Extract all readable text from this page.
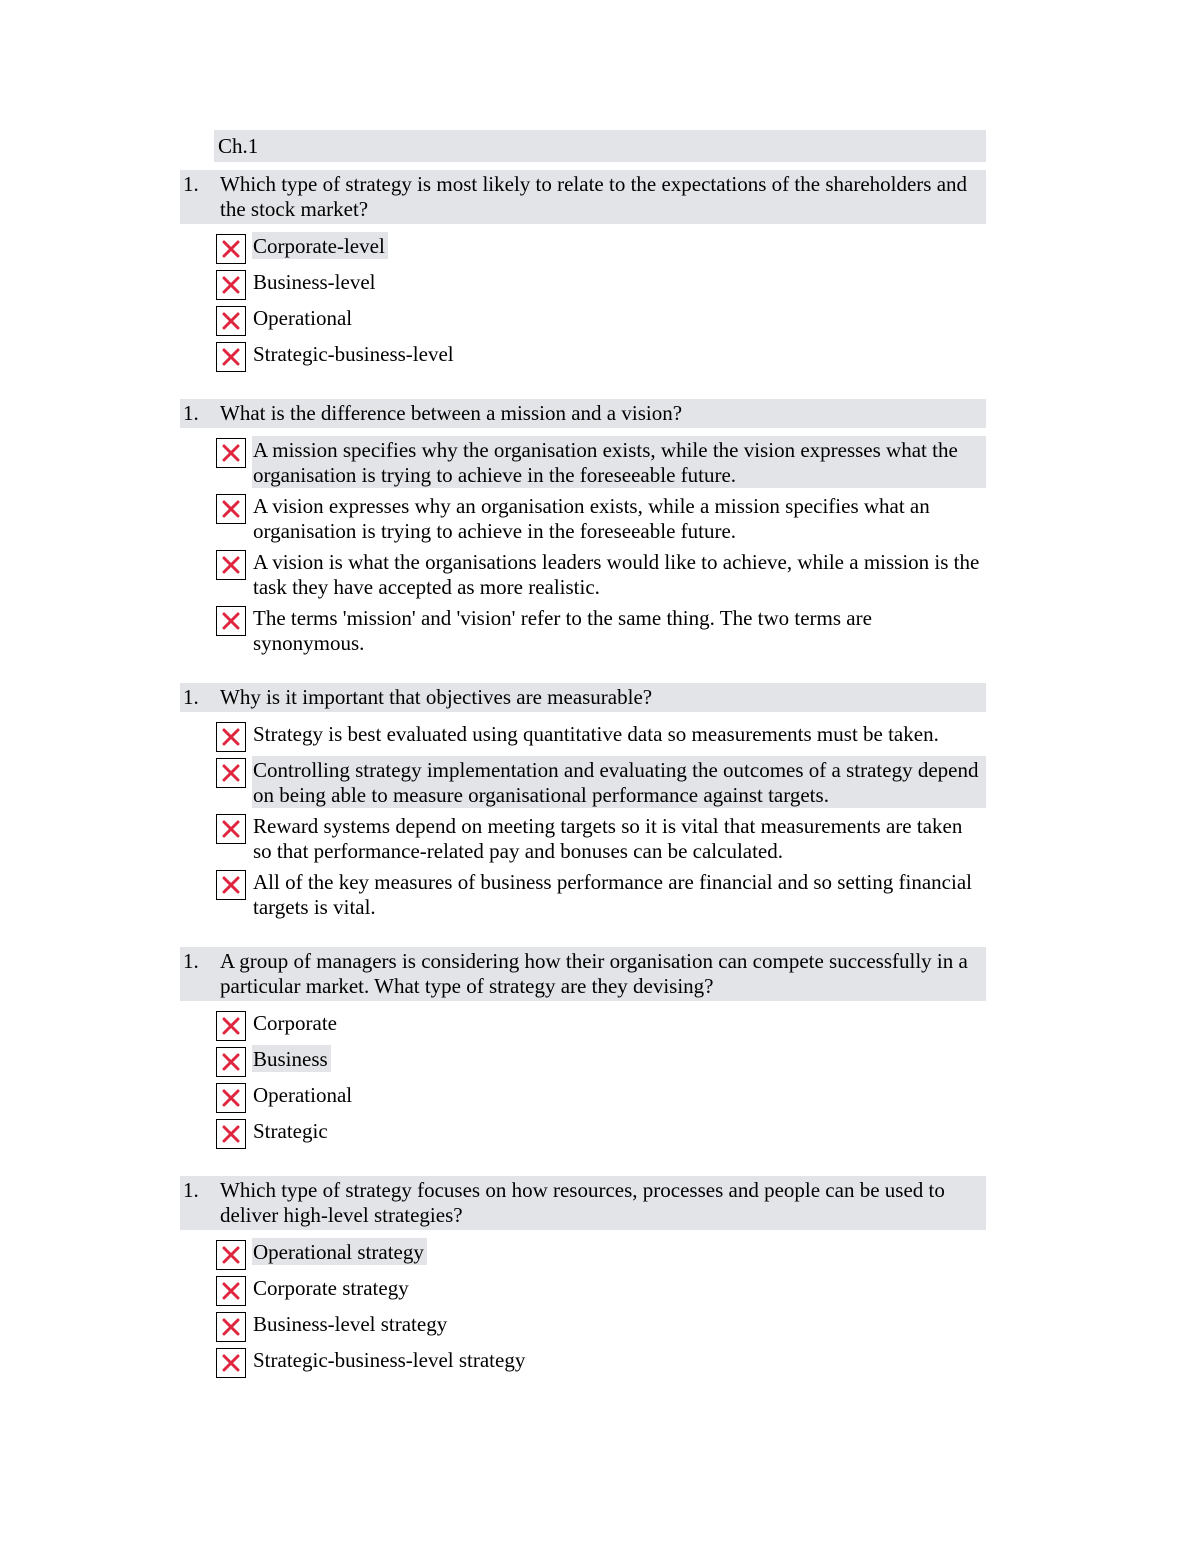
Ch.1
1.	Which type of strategy is most likely to relate to the expectations of the shareholders and the stock market?
Corporate-level
Business-level
Operational
Strategic-business-level
1.	What is the difference between a mission and a vision?
A mission specifies why the organisation exists, while the vision expresses what the organisation is trying to achieve in the foreseeable future.
A vision expresses why an organisation exists, while a mission specifies what an organisation is trying to achieve in the foreseeable future.
A vision is what the organisations leaders would like to achieve, while a mission is the task they have accepted as more realistic.
The terms 'mission' and 'vision' refer to the same thing. The two terms are synonymous.
1.	Why is it important that objectives are measurable?
Strategy is best evaluated using quantitative data so measurements must be taken.
Controlling strategy implementation and evaluating the outcomes of a strategy depend on being able to measure organisational performance against targets.
Reward systems depend on meeting targets so it is vital that measurements are taken so that performance-related pay and bonuses can be calculated.
All of the key measures of business performance are financial and so setting financial targets is vital.
1.	A group of managers is considering how their organisation can compete successfully in a particular market. What type of strategy are they devising?
Corporate
Business
Operational
Strategic
1.	Which type of strategy focuses on how resources, processes and people can be used to deliver high-level strategies?
Operational strategy
Corporate strategy
Business-level strategy
Strategic-business-level strategy
